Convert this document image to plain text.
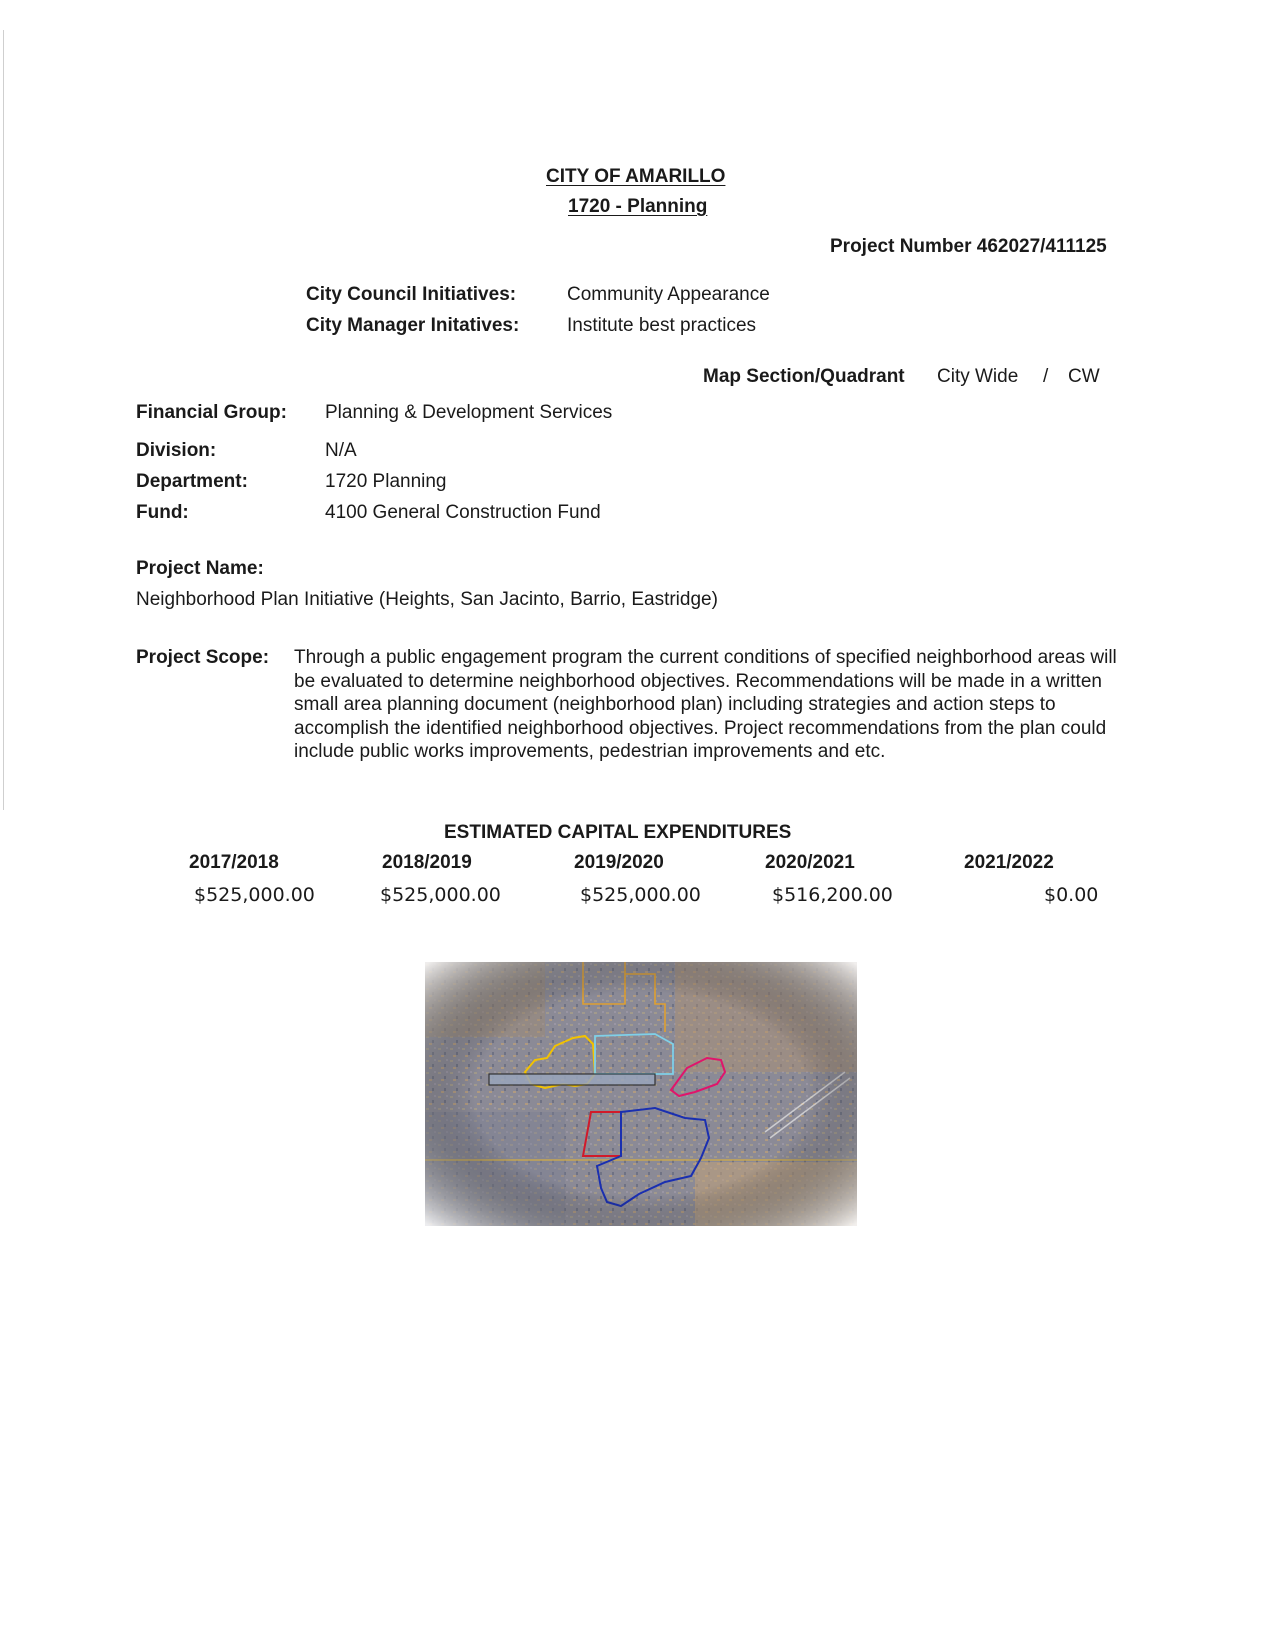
CITY OF AMARILLO
1720 - Planning
Project Number 462027/411125
City Council Initiatives:	Community Appearance
City Manager Initatives:	Institute best practices
Map Section/Quadrant City Wide / CW
Financial Group: Planning & Development Services
Division:	N/A
Department:	1720 Planning
Fund:	4100 General Construction Fund
Project Name:
Neighborhood Plan Initiative (Heights, San Jacinto, Barrio, Eastridge)
Project Scope: Through a public engagement program the current conditions of specified neighborhood areas will be evaluated to determine neighborhood objectives. Recommendations will be made in a written small area planning document (neighborhood plan) including strategies and action steps to accomplish the identified neighborhood objectives. Project recommendations from the plan could include public works improvements, pedestrian improvements and etc.
ESTIMATED CAPITAL EXPENDITURES
2017/2018	2018/2019	2019/2020	2020/2021	2021/2022
$525,000.00	$525,000.00	$525,000.00	$516,200.00	$0.00
